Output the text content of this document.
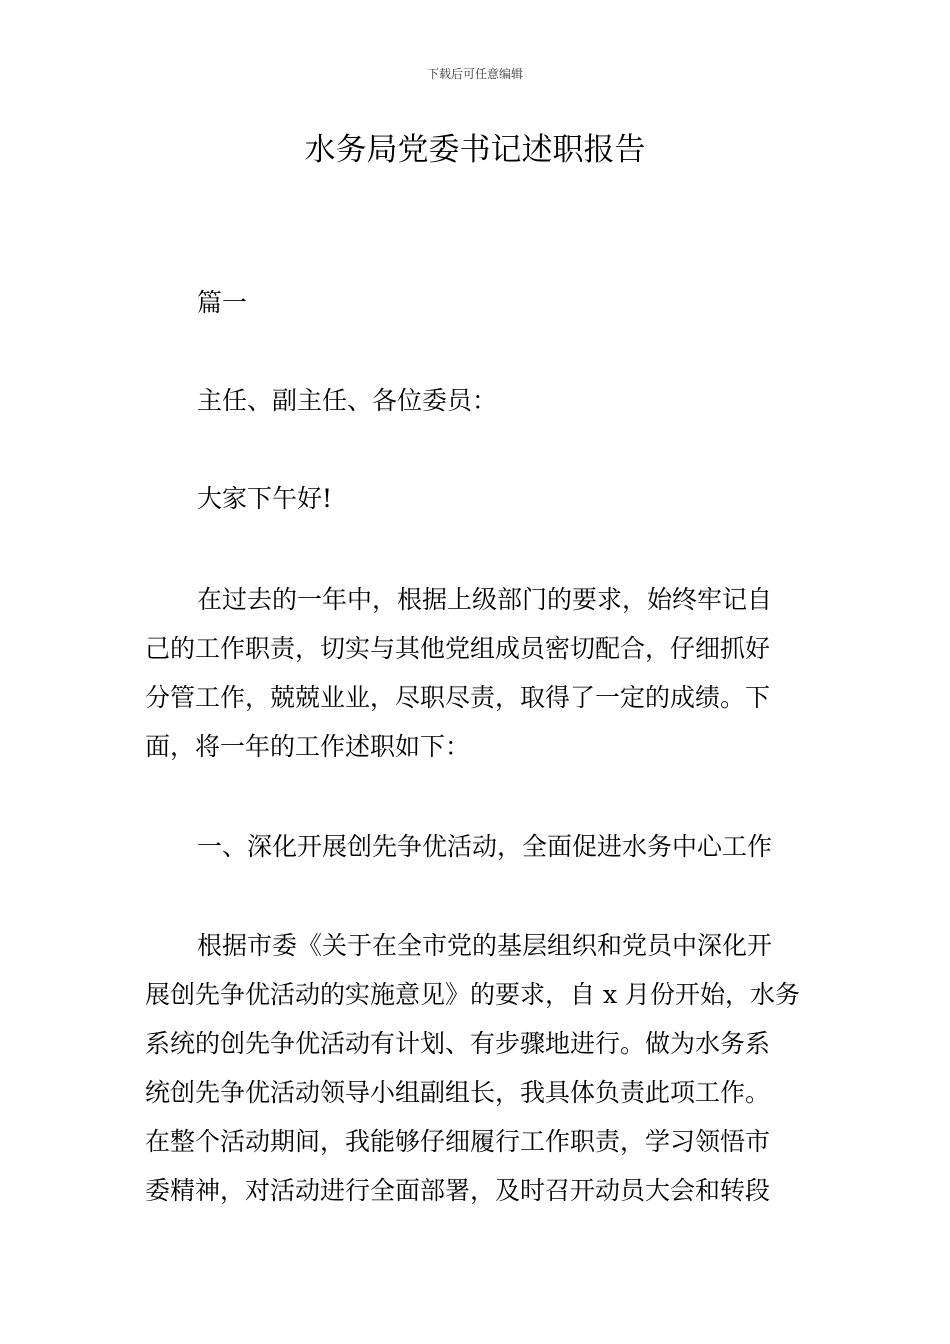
下载后可任意编辑
水务局党委书记述职报告

篇一

主任、副主任、各位委员：

大家下午好!

在过去的一年中，根据上级部门的要求，始终牢记自
己的工作职责，切实与其他党组成员密切配合，仔细抓好
分管工作，兢兢业业，尽职尽责，取得了一定的成绩。下
面，将一年的工作述职如下：

一、深化开展创先争优活动，全面促进水务中心工作

根据市委《关于在全市党的基层组织和党员中深化开
展创先争优活动的实施意见》的要求，自 x 月份开始，水务
系统的创先争优活动有计划、有步骤地进行。做为水务系
统创先争优活动领导小组副组长，我具体负责此项工作。
在整个活动期间，我能够仔细履行工作职责，学习领悟市
委精神，对活动进行全面部署，及时召开动员大会和转段
